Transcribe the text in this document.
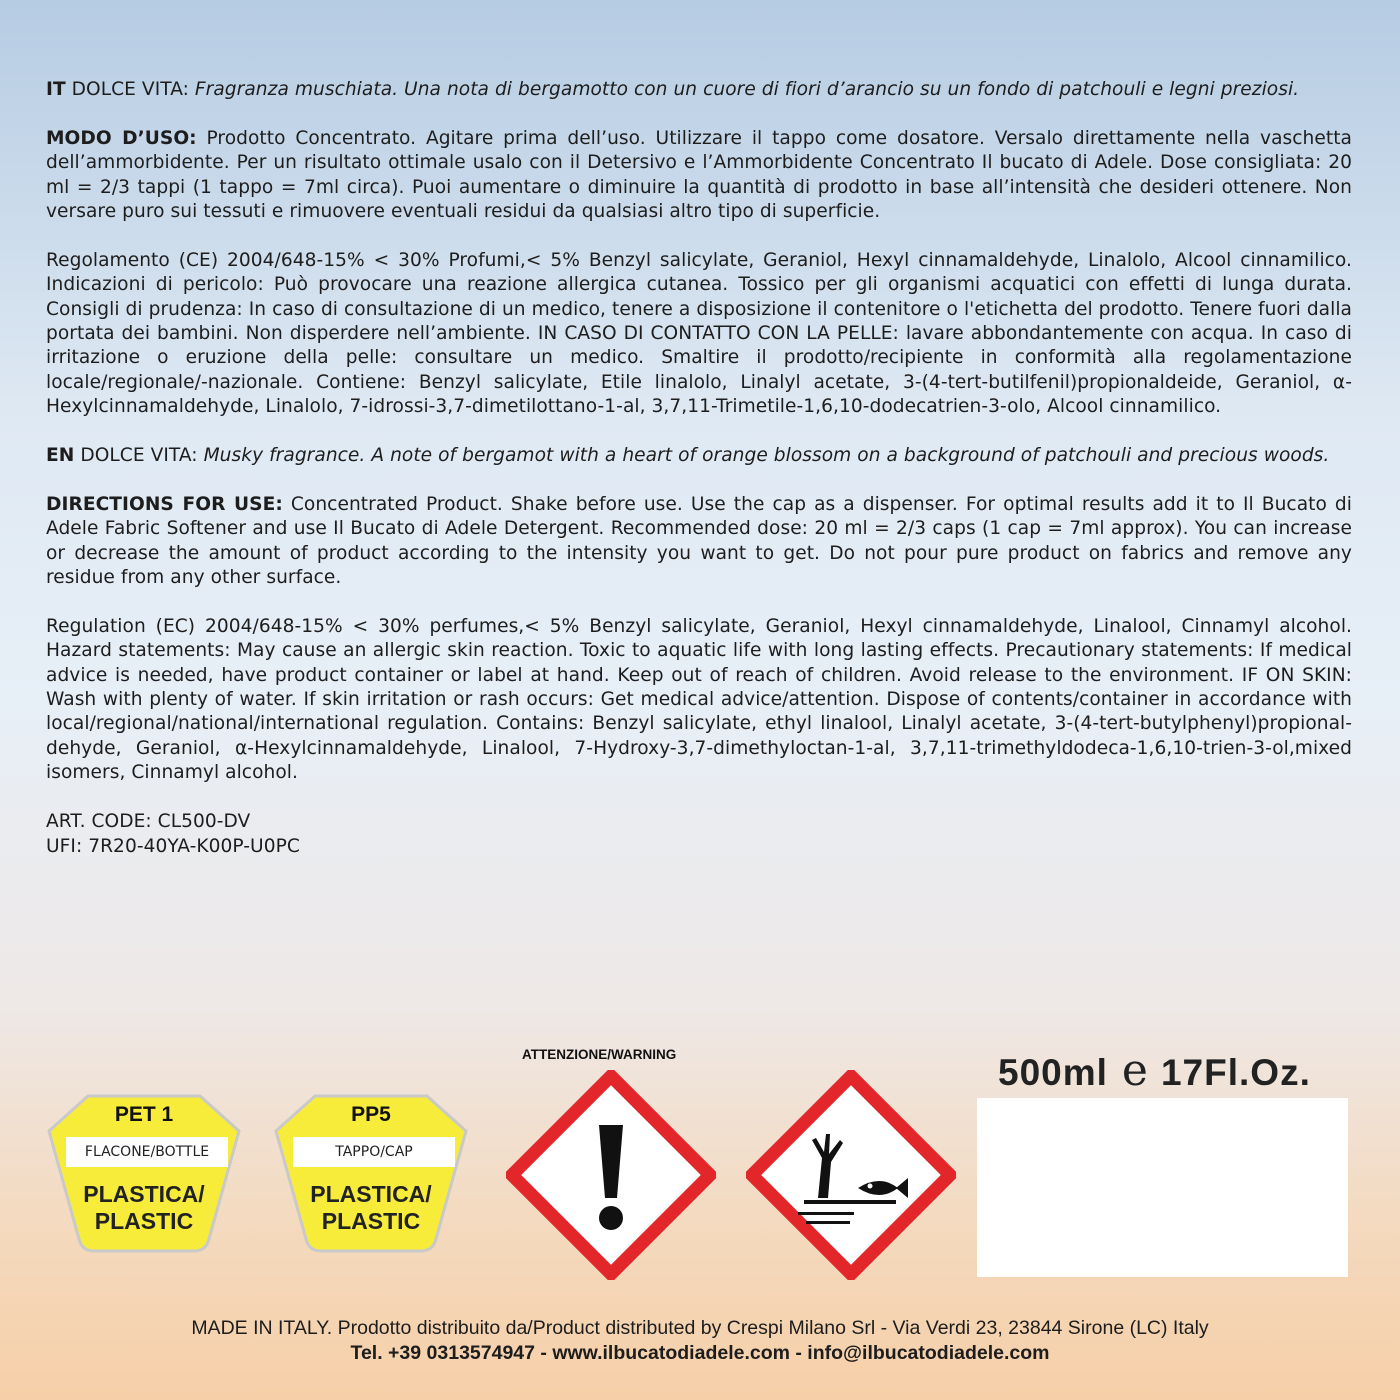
IT DOLCE VITA: Fragranza muschiata. Una nota di bergamotto con un cuore di fiori d’arancio su un fondo di patchouli e legni preziosi.

MODO D’USO: Prodotto Concentrato. Agitare prima dell’uso. Utilizzare il tappo come dosatore. Versalo direttamente nella vaschetta dell’ammorbidente. Per un risultato ottimale usalo con il Detersivo e l’Ammorbidente Concentrato Il bucato di Adele. Dose consigliata: 20 ml = 2/3 tappi (1 tappo = 7ml circa). Puoi aumentare o diminuire la quantità di prodotto in base all’intensità che desideri ottenere. Non versare puro sui tessuti e rimuovere eventuali residui da qualsiasi altro tipo di superficie.

Regolamento (CE) 2004/648-15% < 30% Profumi,< 5% Benzyl salicylate, Geraniol, Hexyl cinnamaldehyde, Linalolo, Alcool cinnamilico. Indicazioni di pericolo: Può provocare una reazione allergica cutanea. Tossico per gli organismi acquatici con effetti di lunga durata. Consigli di prudenza: In caso di consultazione di un medico, tenere a disposizione il contenitore o l'etichetta del prodotto. Tenere fuori dalla portata dei bambini. Non disperdere nell’ambiente. IN CASO DI CONTATTO CON LA PELLE: lavare abbondantemente con acqua. In caso di irritazione o eruzione della pelle: consultare un medico. Smaltire il prodotto/recipiente in conformità alla regolamentazione locale/regionale/-nazionale. Contiene: Benzyl salicylate, Etile linalolo, Linalyl acetate, 3-(4-tert-butilfenil)propionaldeide, Geraniol, α-Hexylcinnamaldehyde, Linalolo, 7-idrossi-3,7-dimetilottano-1-al, 3,7,11-Trimetile-1,6,10-dodecatrien-3-olo, Alcool cinnamilico.

EN DOLCE VITA: Musky fragrance. A note of bergamot with a heart of orange blossom on a background of patchouli and precious woods.

DIRECTIONS FOR USE: Concentrated Product. Shake before use. Use the cap as a dispenser. For optimal results add it to Il Bucato di Adele Fabric Softener and use Il Bucato di Adele Detergent. Recommended dose: 20 ml = 2/3 caps (1 cap = 7ml approx). You can increase or decrease the amount of product according to the intensity you want to get. Do not pour pure product on fabrics and remove any residue from any other surface.

Regulation (EC) 2004/648-15% < 30% perfumes,< 5% Benzyl salicylate, Geraniol, Hexyl cinnamaldehyde, Linalool, Cinnamyl alcohol. Hazard statements: May cause an allergic skin reaction. Toxic to aquatic life with long lasting effects. Precautionary statements: If medical advice is needed, have product container or label at hand. Keep out of reach of children. Avoid release to the environment. IF ON SKIN: Wash with plenty of water. If skin irritation or rash occurs: Get medical advice/attention. Dispose of contents/container in accordance with local/regional/national/international regulation. Contains: Benzyl salicylate, ethyl linalool, Linalyl acetate, 3-(4-tert-butylphenyl)propional-dehyde, Geraniol, α-Hexylcinnamaldehyde, Linalool, 7-Hydroxy-3,7-dimethyloctan-1-al, 3,7,11-trimethyldodeca-1,6,10-trien-3-ol,mixed isomers, Cinnamyl alcohol.

ART. CODE: CL500-DV

UFI: 7R20-40YA-K00P-U0PC

PET 1
FLACONE/BOTTLE
PLASTICA/
PLASTIC
PP5
TAPPO/CAP
PLASTICA/
PLASTIC
ATTENZIONE/WARNING	500ml e 17Fl.Oz.
MADE IN ITALY. Prodotto distribuito da/Product distributed by Crespi Milano Srl - Via Verdi 23, 23844 Sirone (LC) Italy
Tel. +39 0313574947 - www.ilbucatodiadele.com - info@ilbucatodiadele.com
